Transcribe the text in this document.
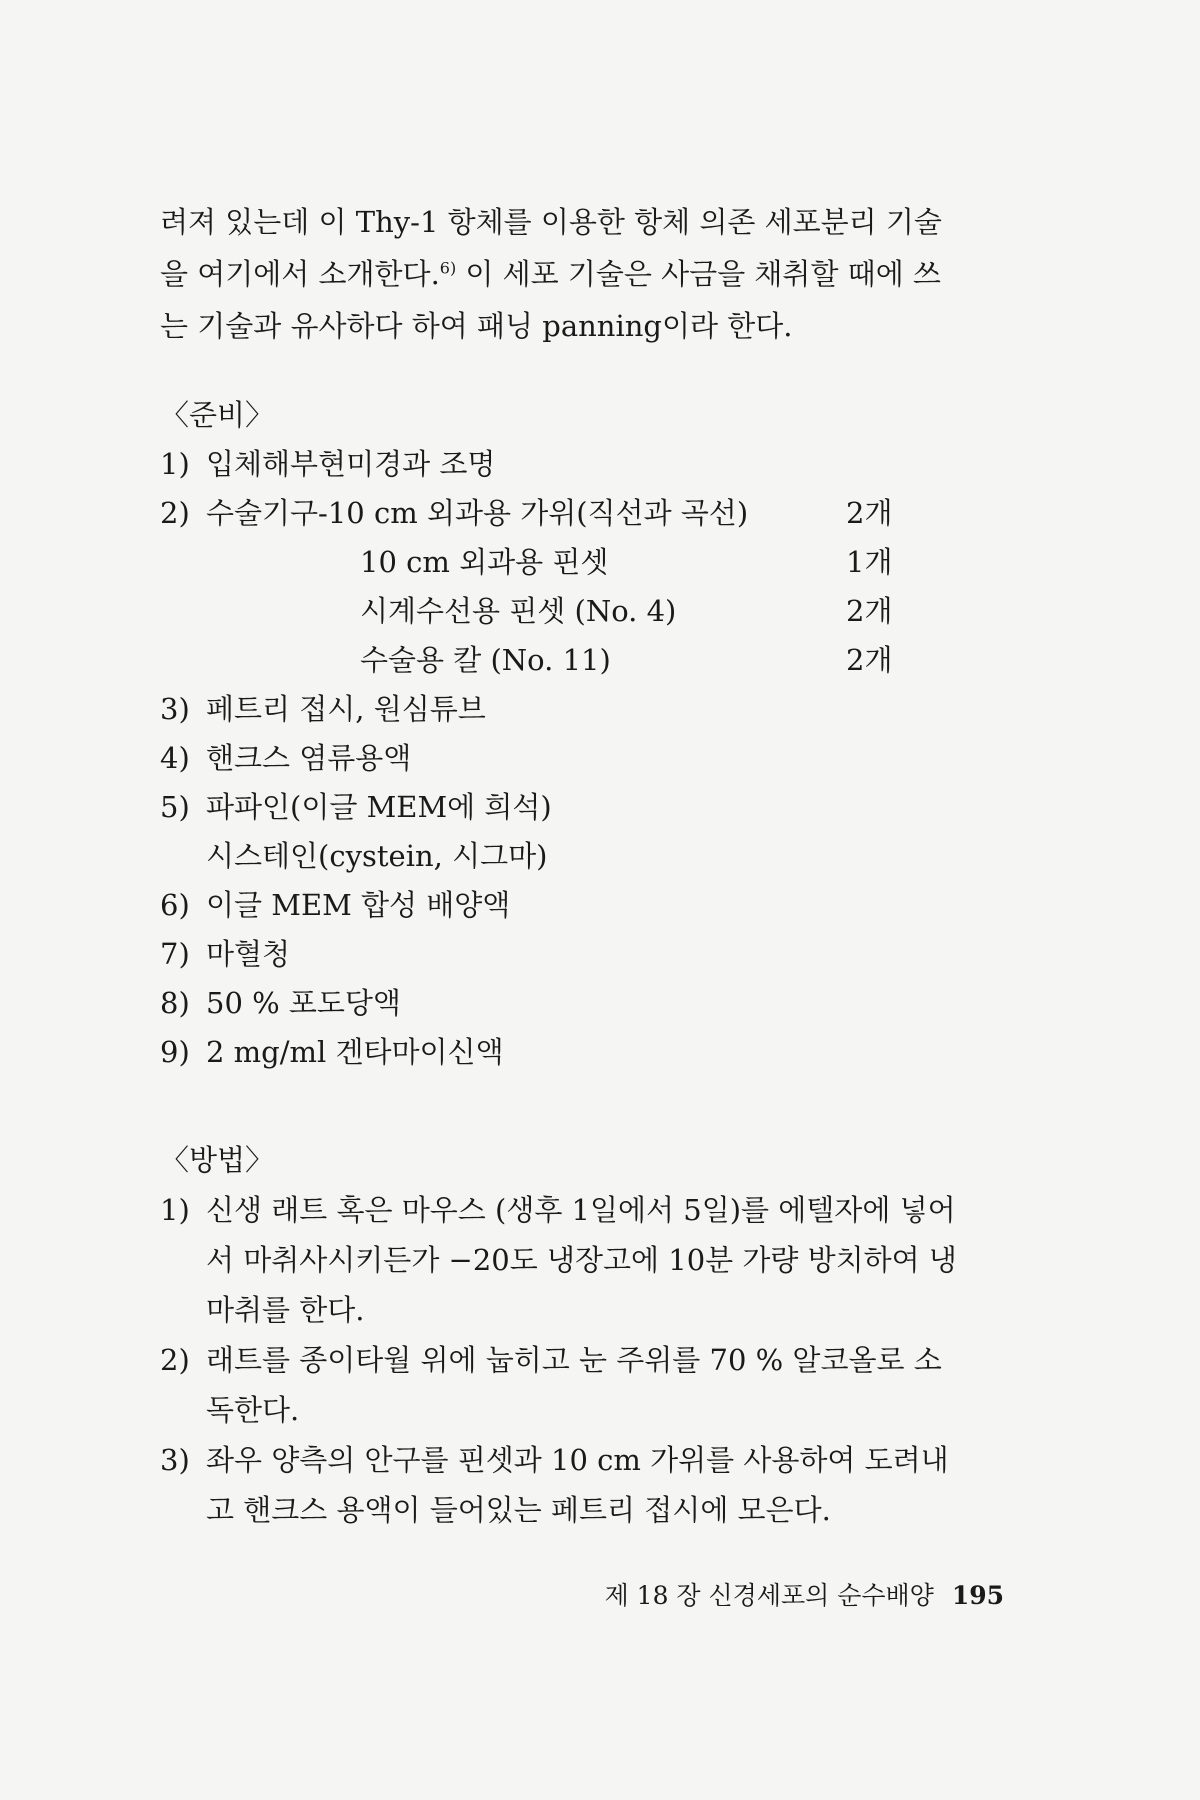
려져 있는데 이 Thy-1 항체를 이용한 항체 의존 세포분리 기술

을 여기에서 소개한다.$^{6)}$ 이 세포 기술은 사금을 채취할 때에 쓰

는 기술과 유사하다 하여 패닝 panning이라 한다.

〈준비〉
1) 입체해부현미경과 조명
2) 수술기구-10 cm 외과용 가위(직선과 곡선)	2개
10 cm 외과용 핀셋	1개
시계수선용 핀셋 (No. 4)	2개
수술용 칼 (No. 11)	2개
3) 페트리 접시, 원심튜브
4) 핸크스 염류용액
5) 파파인(이글 MEM에 희석)
시스테인(cystein, 시그마)
6) 이글 MEM 합성 배양액
7) 마혈청
8) 50 % 포도당액
9) 2 mg/ml 겐타마이신액
〈방법〉
1) 신생 래트 혹은 마우스 (생후 1일에서 5일)를 에텔자에 넣어
서 마취사시키든가 −20도 냉장고에 10분 가량 방치하여 냉
마취를 한다.
2) 래트를 종이타월 위에 눕히고 눈 주위를 70 % 알코올로 소
독한다.
3) 좌우 양측의 안구를 핀셋과 10 cm 가위를 사용하여 도려내
고 핸크스 용액이 들어있는 페트리 접시에 모은다.
제 18 장 신경세포의 순수배양 195
